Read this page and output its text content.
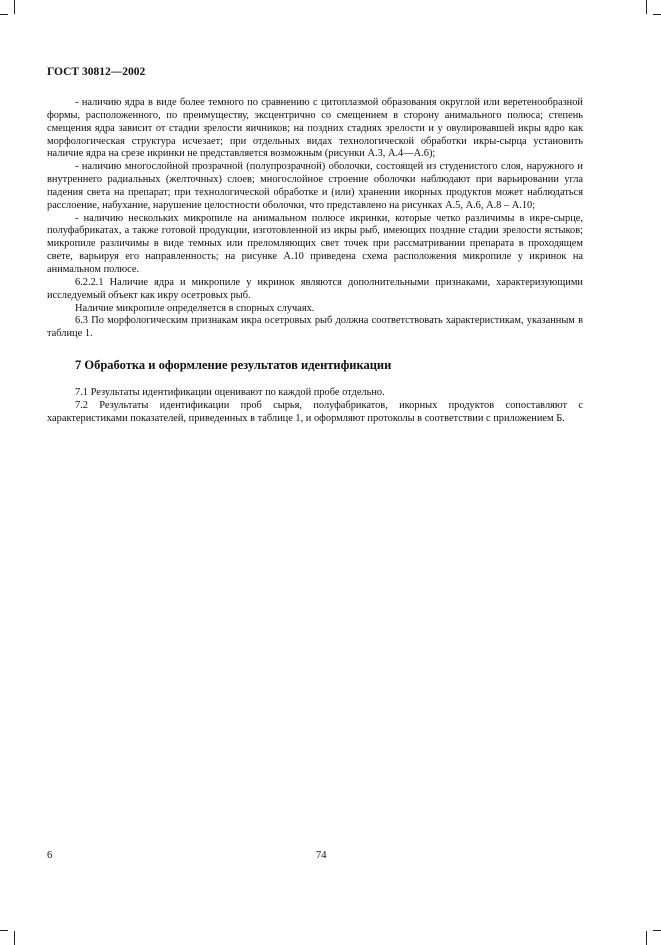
ГОСТ 30812—2002

- наличию ядра в виде более темного по сравнению с цитоплазмой образования округлой или веретенообразной формы, расположенного, по преимуществу, эксцентрично со смещением в сторону анимального полюса; степень смещения ядра зависит от стадии зрелости яичников; на поздних стадиях зрелости и у овулировавшей икры ядро как морфологическая структура исчезает; при отдельных видах технологической обработки икры-сырца установить наличие ядра на срезе икринки не представляется возможным (рисунки А.3, А.4—А.6);

- наличию многослойной прозрачной (полупрозрачной) оболочки, состоящей из студенистого слоя, наружного и внутреннего радиальных (желточных) слоев; многослойное строение оболочки наблюдают при варьировании угла падения света на препарат; при технологической обработке и (или) хранении икорных продуктов может наблюдаться расслоение, набухание, нарушение целостности оболочки, что представлено на рисунках А.5, А.6, А.8 – А.10;

- наличию нескольких микропиле на анимальном полюсе икринки, которые четко различимы в икре-сырце, полуфабрикатах, а также готовой продукции, изготовленной из икры рыб, имеющих поздние стадии зрелости ястыков; микропиле различимы в виде темных или преломляющих свет точек при рассматривании препарата в проходящем свете, варьируя его направленность; на рисунке А.10 приведена схема расположения микропиле у икринок на анимальном полюсе.

6.2.2.1 Наличие ядра и микропиле у икринок являются дополнительными признаками, характеризующими исследуемый объект как икру осетровых рыб.

Наличие микропиле определяется в спорных случаях.

6.3 По морфологическим признакам икра осетровых рыб должна соответствовать характеристикам, указанным в таблице 1.

7 Обработка и оформление результатов идентификации

7.1 Результаты идентификации оценивают по каждой пробе отдельно.

7.2 Результаты идентификации проб сырья, полуфабрикатов, икорных продуктов сопоставляют с характеристиками показателей, приведенных в таблице 1, и оформляют протоколы в соответствии с приложением Б.

6	74
